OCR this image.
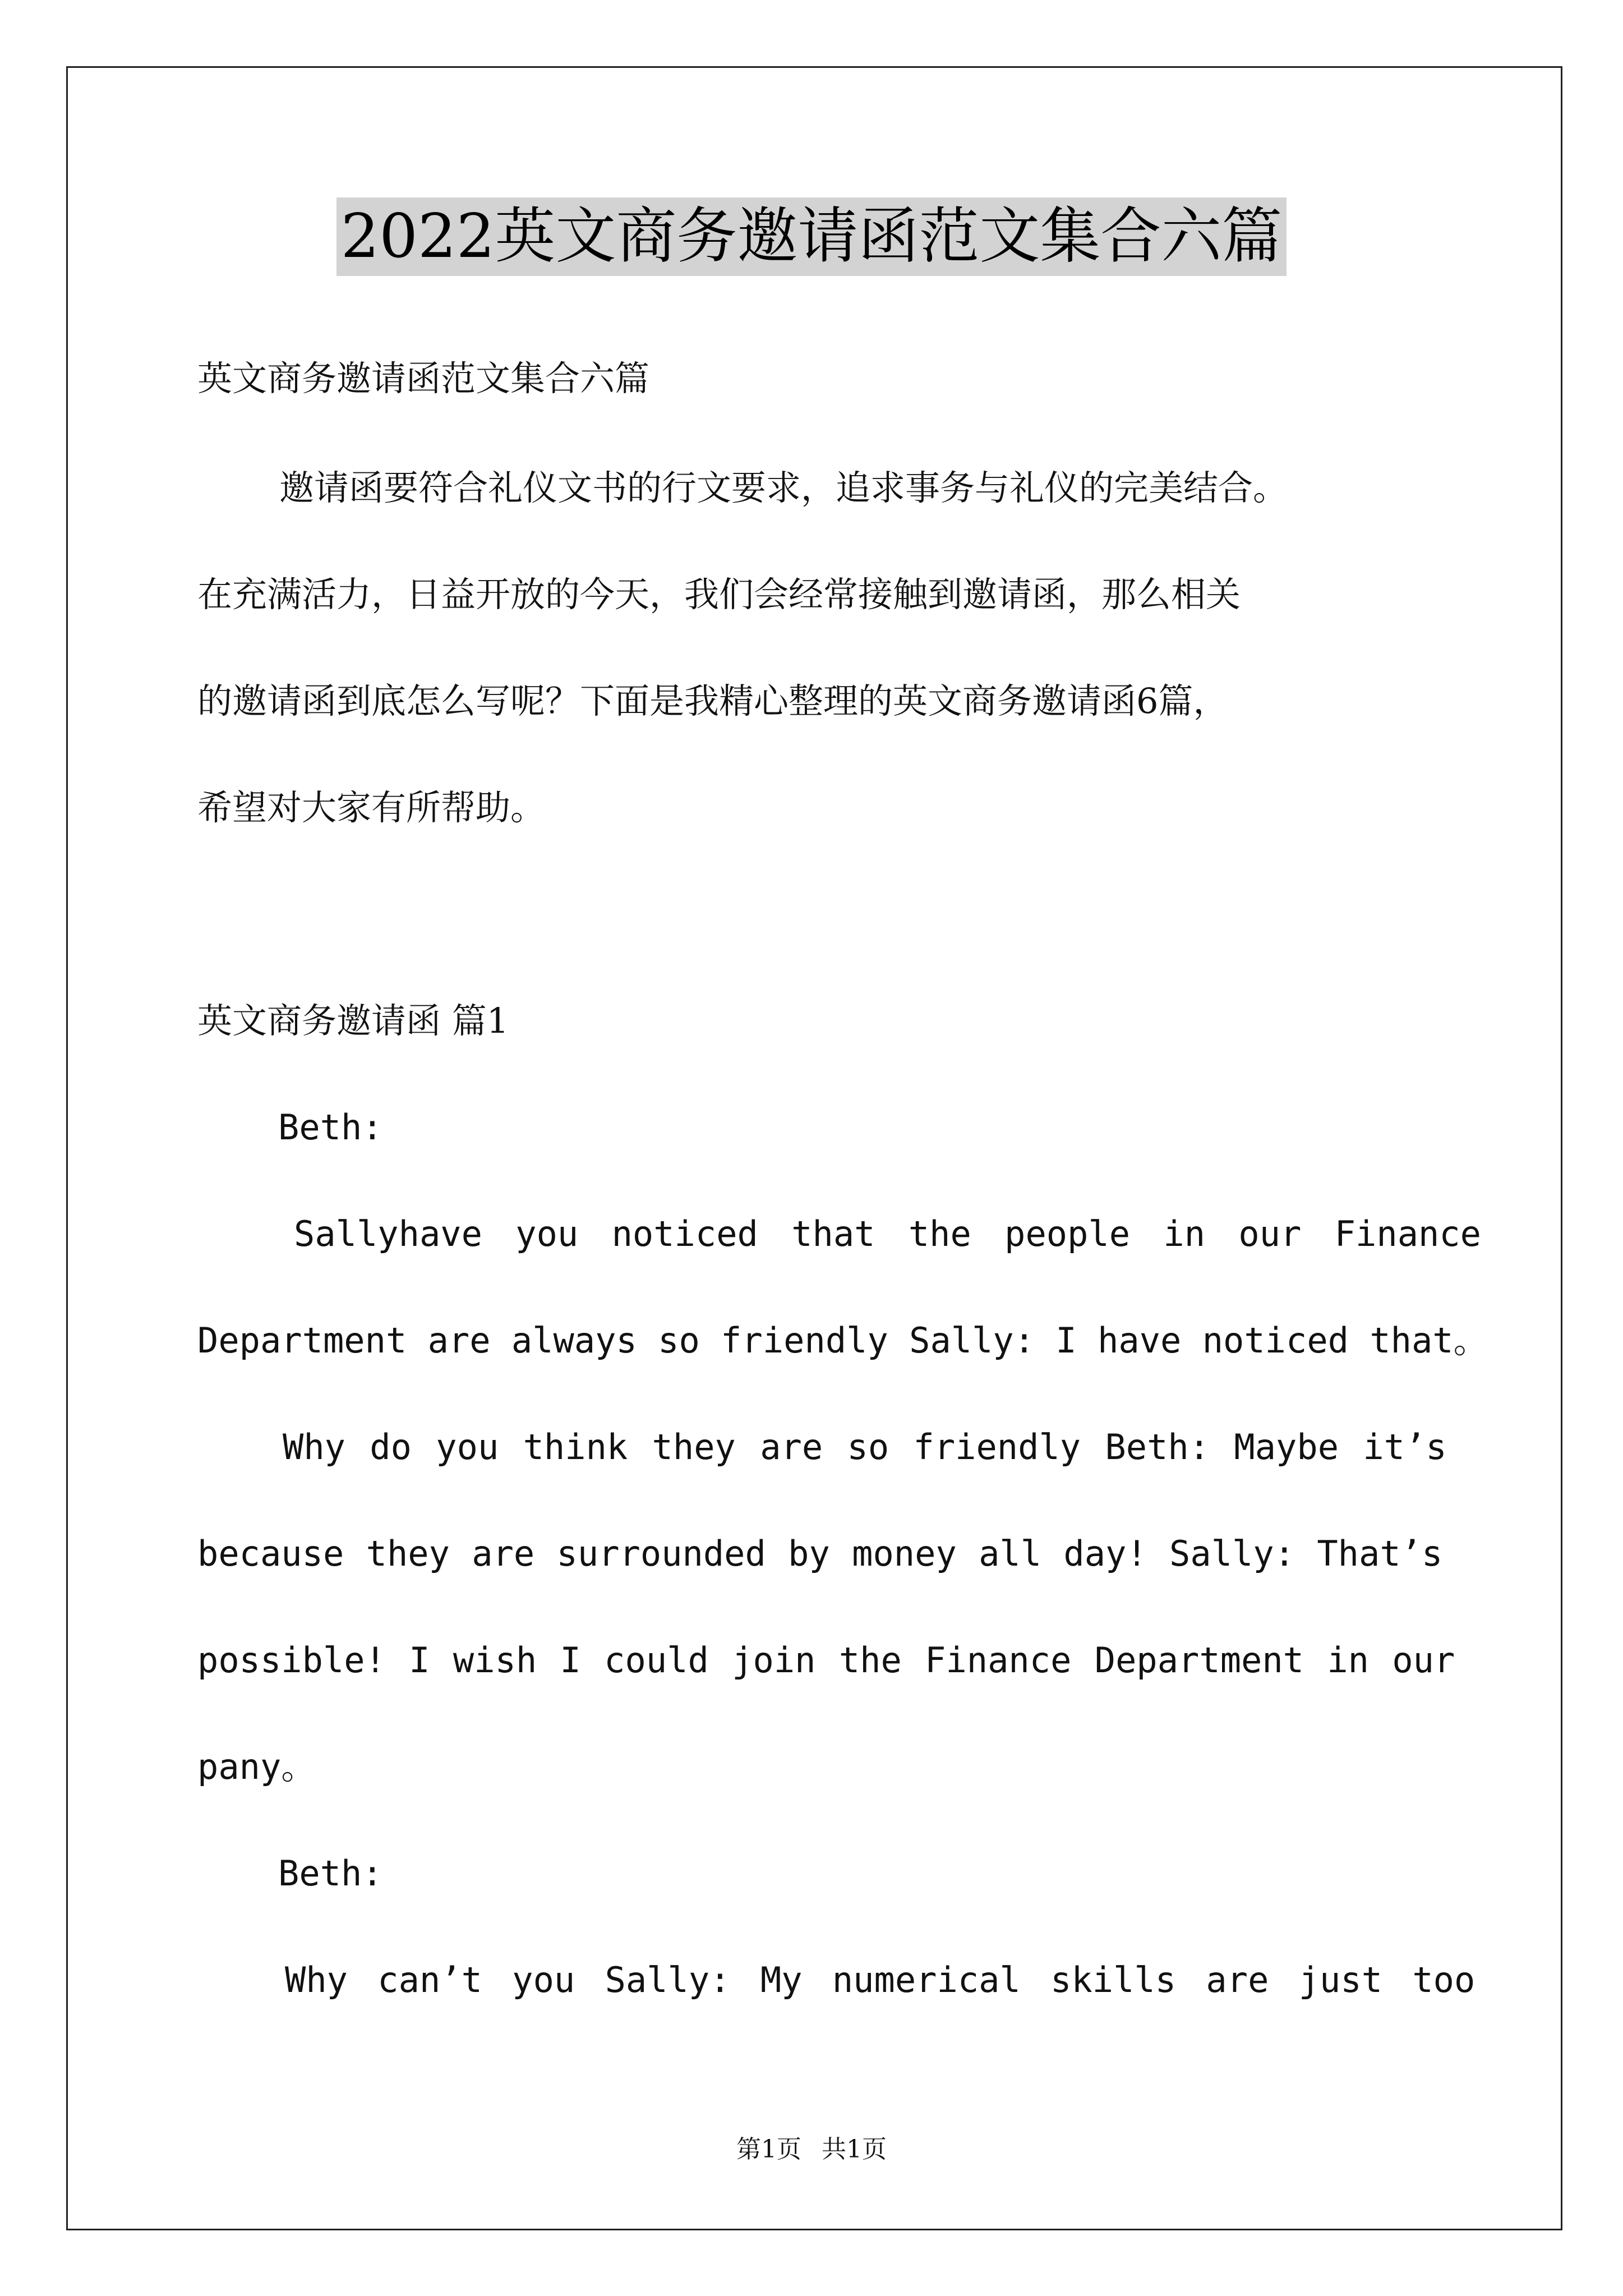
2022英文商务邀请函范文集合六篇
英文商务邀请函范文集合六篇
邀请函要符合礼仪文书的行文要求，追求事务与礼仪的完美结合。
在充满活力，日益开放的今天，我们会经常接触到邀请函，那么相关
的邀请函到底怎么写呢？下面是我精心整理的英文商务邀请函6篇，
希望对大家有所帮助。
英文商务邀请函 篇1
Beth:
Sallyhave you noticed that the people in our Finance
Department are always so friendly Sally: I have noticed that。
Why do you think they are so friendly Beth: Maybe it’s
because they are surrounded by money all day! Sally: That’s
possible! I wish I could join the Finance Department in our
pany。
Beth:
Why can’t you Sally: My numerical skills are just too
第1页 共1页
